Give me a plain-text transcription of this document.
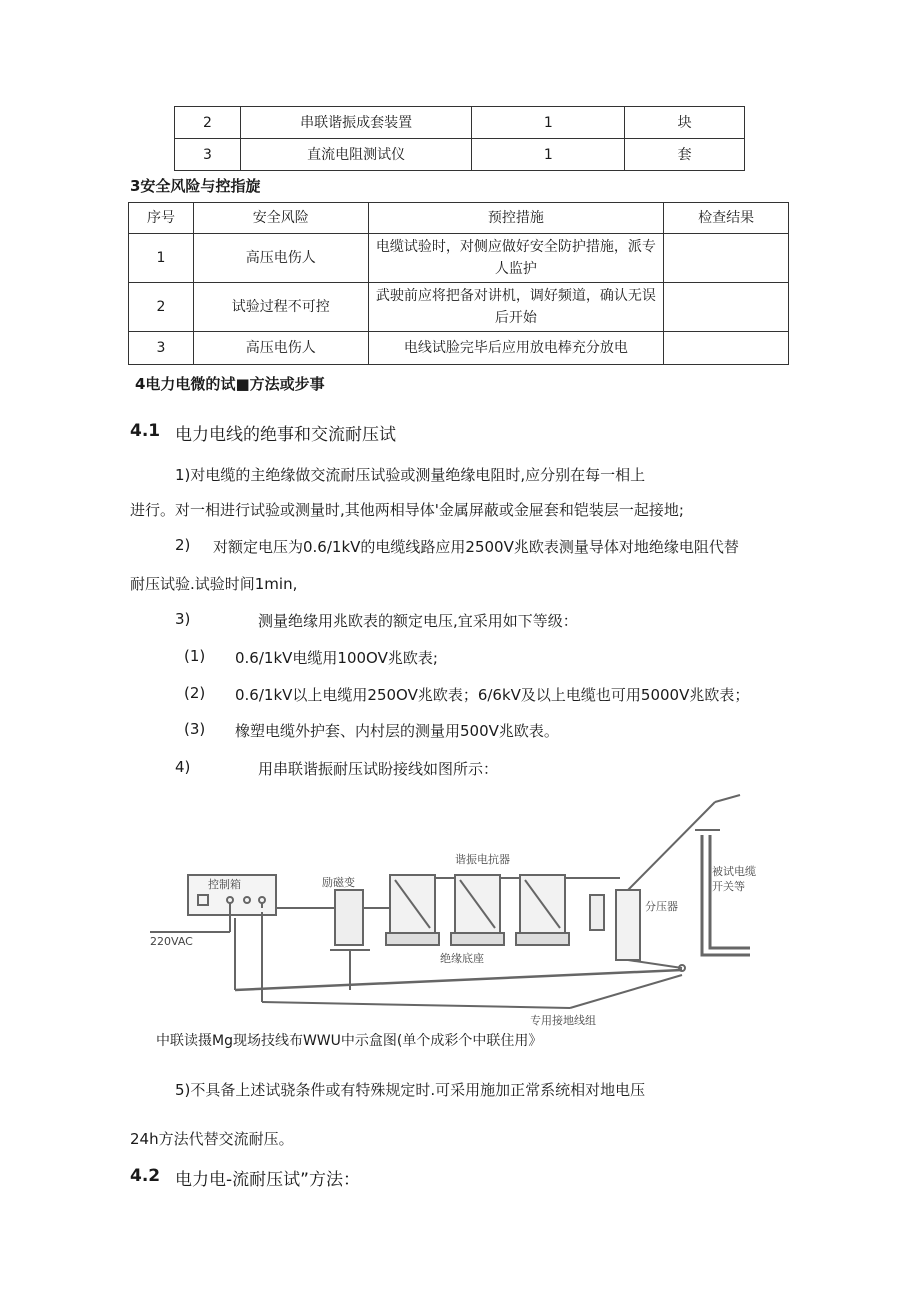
2	串联谐振成套装置	1	块
3	直流电阻测试仪	1	套
3安全风险与控指旋
序号	安全风险	预控措施	检查结果
1	高压电伤人	电缆试验时，对侧应做好安全防护措施，派专人监护	
2	试验过程不可控	武驶前应将把备对讲机，调好频道，确认无误后开始	
3	高压电伤人	电线试脸完毕后应用放电棒充分放电	
4电力电微的试■方法或步事
4.1 电力电线的绝事和交流耐压试
1)对电缆的主绝缘做交流耐压试验或测量绝缘电阻时,应分别在每一相上
进行。对一相进行试验或测量时,其他两相导体'金属屏蔽或金屉套和铠装层一起接地;
2) 对额定电压为0.6/1kV的电缆线路应用2500V兆欧表测量导体对地绝缘电阻代替
耐压试验.试验时间1min,
3)	测量绝缘用兆欧表的额定电压,宜采用如下等级：
(1) 0.6/1kV电缆用100OV兆欧表;
(2) 0.6/1kV以上电缆用250OV兆欧表；6∕6kV及以上电缆也可用5000V兆欧表；
(3) 橡塑电缆外护套、内村层的测量用500V兆欧表。
4)	用串联谐振耐压试盼接线如图所示：
控制箱
220VAC
励磁变
谐振电抗器
绝缘底座
分压器
被试电缆
开关等
专用接地线组
中联读摄Mg现场技线布WWU中示盒图(单个成彩个中联住用》
5)不具备上述试骁条件或有特殊规定时.可采用施加正常系统相对地电压
24h方法代替交流耐压。
4.2 电力电-流耐压试”方法：
